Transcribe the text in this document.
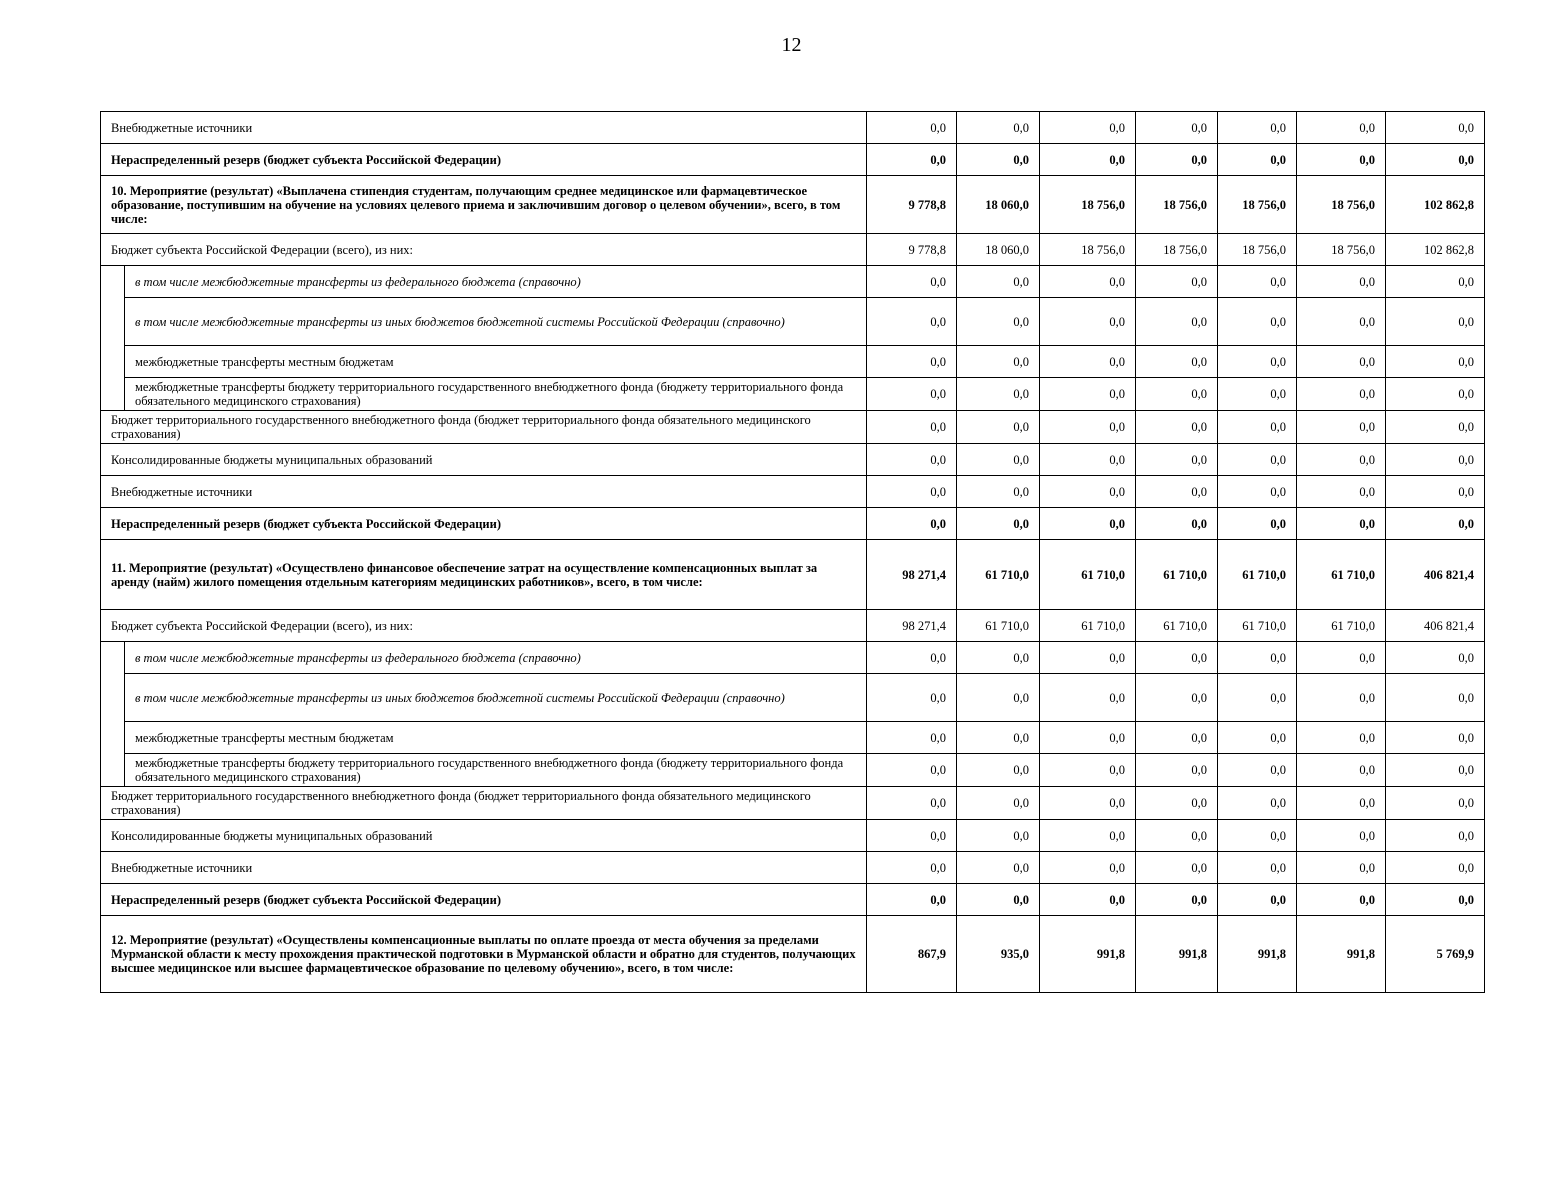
12
Внебюджетные источники		0,0	0,0	0,0	0,0	0,0	0,0	0,0
Нераспределенный резерв (бюджет субъекта Российской Федерации)		0,0	0,0	0,0	0,0	0,0	0,0	0,0
10. Мероприятие (результат) «Выплачена стипендия студентам, получающим среднее медицинское или фармацевтическое образование, поступившим на обучение на условиях целевого приема и заключившим договор о целевом обучении», всего, в том числе:		9 778,8	18 060,0	18 756,0	18 756,0	18 756,0	18 756,0	102 862,8
Бюджет субъекта Российской Федерации (всего), из них:		9 778,8	18 060,0	18 756,0	18 756,0	18 756,0	18 756,0	102 862,8
	в том числе межбюджетные трансферты из федерального бюджета (справочно)	0,0	0,0	0,0	0,0	0,0	0,0	0,0
	в том числе межбюджетные трансферты из иных бюджетов бюджетной системы Российской Федерации (справочно)	0,0	0,0	0,0	0,0	0,0	0,0	0,0
	межбюджетные трансферты местным бюджетам	0,0	0,0	0,0	0,0	0,0	0,0	0,0
	межбюджетные трансферты бюджету территориального государственного внебюджетного фонда (бюджету территориального фонда обязательного медицинского страхования)	0,0	0,0	0,0	0,0	0,0	0,0	0,0
Бюджет территориального государственного внебюджетного фонда (бюджет территориального фонда обязательного медицинского страхования)		0,0	0,0	0,0	0,0	0,0	0,0	0,0
Консолидированные бюджеты муниципальных образований		0,0	0,0	0,0	0,0	0,0	0,0	0,0
Внебюджетные источники		0,0	0,0	0,0	0,0	0,0	0,0	0,0
Нераспределенный резерв (бюджет субъекта Российской Федерации)		0,0	0,0	0,0	0,0	0,0	0,0	0,0
11. Мероприятие (результат) «Осуществлено финансовое обеспечение затрат на осуществление компенсационных выплат за аренду (найм) жилого помещения отдельным категориям медицинских работников», всего, в том числе:		98 271,4	61 710,0	61 710,0	61 710,0	61 710,0	61 710,0	406 821,4
Бюджет субъекта Российской Федерации (всего), из них:		98 271,4	61 710,0	61 710,0	61 710,0	61 710,0	61 710,0	406 821,4
	в том числе межбюджетные трансферты из федерального бюджета (справочно)	0,0	0,0	0,0	0,0	0,0	0,0	0,0
	в том числе межбюджетные трансферты из иных бюджетов бюджетной системы Российской Федерации (справочно)	0,0	0,0	0,0	0,0	0,0	0,0	0,0
	межбюджетные трансферты местным бюджетам	0,0	0,0	0,0	0,0	0,0	0,0	0,0
	межбюджетные трансферты бюджету территориального государственного внебюджетного фонда (бюджету территориального фонда обязательного медицинского страхования)	0,0	0,0	0,0	0,0	0,0	0,0	0,0
Бюджет территориального государственного внебюджетного фонда (бюджет территориального фонда обязательного медицинского страхования)		0,0	0,0	0,0	0,0	0,0	0,0	0,0
Консолидированные бюджеты муниципальных образований		0,0	0,0	0,0	0,0	0,0	0,0	0,0
Внебюджетные источники		0,0	0,0	0,0	0,0	0,0	0,0	0,0
Нераспределенный резерв (бюджет субъекта Российской Федерации)		0,0	0,0	0,0	0,0	0,0	0,0	0,0
12. Мероприятие (результат) «Осуществлены компенсационные выплаты по оплате проезда от места обучения за пределами Мурманской области к месту прохождения практической подготовки в Мурманской области и обратно для студентов, получающих высшее медицинское или высшее фармацевтическое образование по целевому обучению», всего, в том числе:		867,9	935,0	991,8	991,8	991,8	991,8	5 769,9
